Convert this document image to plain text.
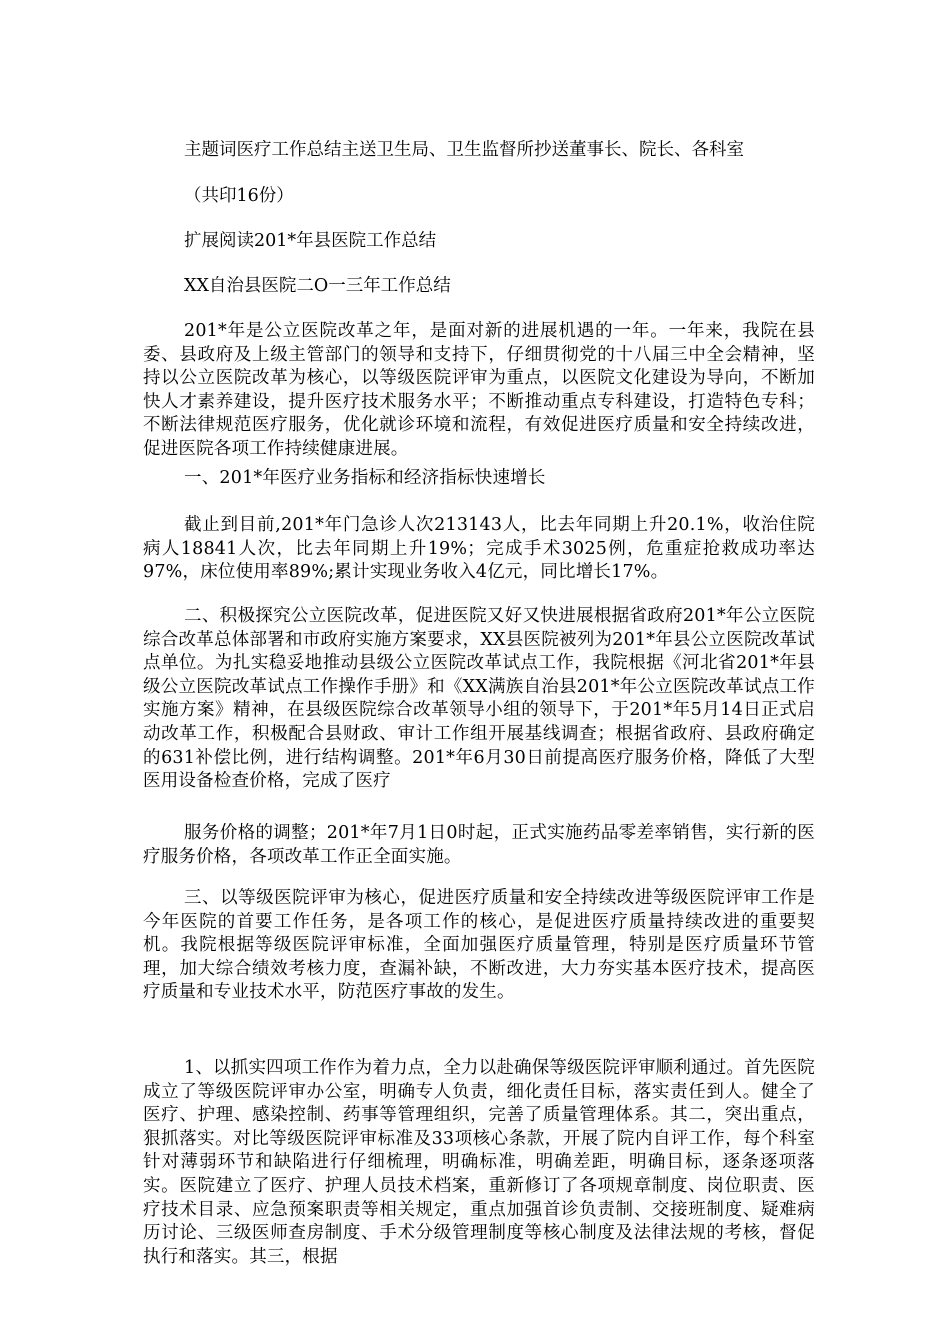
主题词医疗工作总结主送卫生局、卫生监督所抄送董事长、院长、各科室
（共印16份）
扩展阅读201*年县医院工作总结
XX自治县医院二O一三年工作总结

201*年是公立医院改革之年，是面对新的进展机遇的一年。一年来，我院在县委、县政府及上级主管部门的领导和支持下，仔细贯彻党的十八届三中全会精神，坚持以公立医院改革为核心，以等级医院评审为重点，以医院文化建设为导向，不断加快人才素养建设，提升医疗技术服务水平；不断推动重点专科建设，打造特色专科；不断法律规范医疗服务，优化就诊环境和流程，有效促进医疗质量和安全持续改进，促进医院各项工作持续健康进展。

一、201*年医疗业务指标和经济指标快速增长

截止到目前,201*年门急诊人次213143人，比去年同期上升20.1%，收治住院病人18841人次，比去年同期上升19%；完成手术3025例，危重症抢救成功率达97%，床位使用率89%;累计实现业务收入4亿元，同比增长17%。

二、积极探究公立医院改革，促进医院又好又快进展根据省政府201*年公立医院综合改革总体部署和市政府实施方案要求，XX县医院被列为201*年县公立医院改革试点单位。为扎实稳妥地推动县级公立医院改革试点工作，我院根据《河北省201*年县级公立医院改革试点工作操作手册》和《XX满族自治县201*年公立医院改革试点工作实施方案》精神，在县级医院综合改革领导小组的领导下，于201*年5月14日正式启动改革工作，积极配合县财政、审计工作组开展基线调查；根据省政府、县政府确定的631补偿比例，进行结构调整。201*年6月30日前提高医疗服务价格，降低了大型医用设备检查价格，完成了医疗

服务价格的调整；201*年7月1日0时起，正式实施药品零差率销售，实行新的医疗服务价格，各项改革工作正全面实施。

三、以等级医院评审为核心，促进医疗质量和安全持续改进等级医院评审工作是今年医院的首要工作任务，是各项工作的核心，是促进医疗质量持续改进的重要契机。我院根据等级医院评审标准，全面加强医疗质量管理，特别是医疗质量环节管理，加大综合绩效考核力度，查漏补缺，不断改进，大力夯实基本医疗技术，提高医疗质量和专业技术水平，防范医疗事故的发生。

1、以抓实四项工作作为着力点，全力以赴确保等级医院评审顺利通过。首先医院成立了等级医院评审办公室，明确专人负责，细化责任目标，落实责任到人。健全了医疗、护理、感染控制、药事等管理组织，完善了质量管理体系。其二，突出重点，狠抓落实。对比等级医院评审标准及33项核心条款，开展了院内自评工作，每个科室针对薄弱环节和缺陷进行仔细梳理，明确标准，明确差距，明确目标，逐条逐项落实。医院建立了医疗、护理人员技术档案，重新修订了各项规章制度、岗位职责、医疗技术目录、应急预案职责等相关规定，重点加强首诊负责制、交接班制度、疑难病历讨论、三级医师查房制度、手术分级管理制度等核心制度及法律法规的考核，督促执行和落实。其三，根据
